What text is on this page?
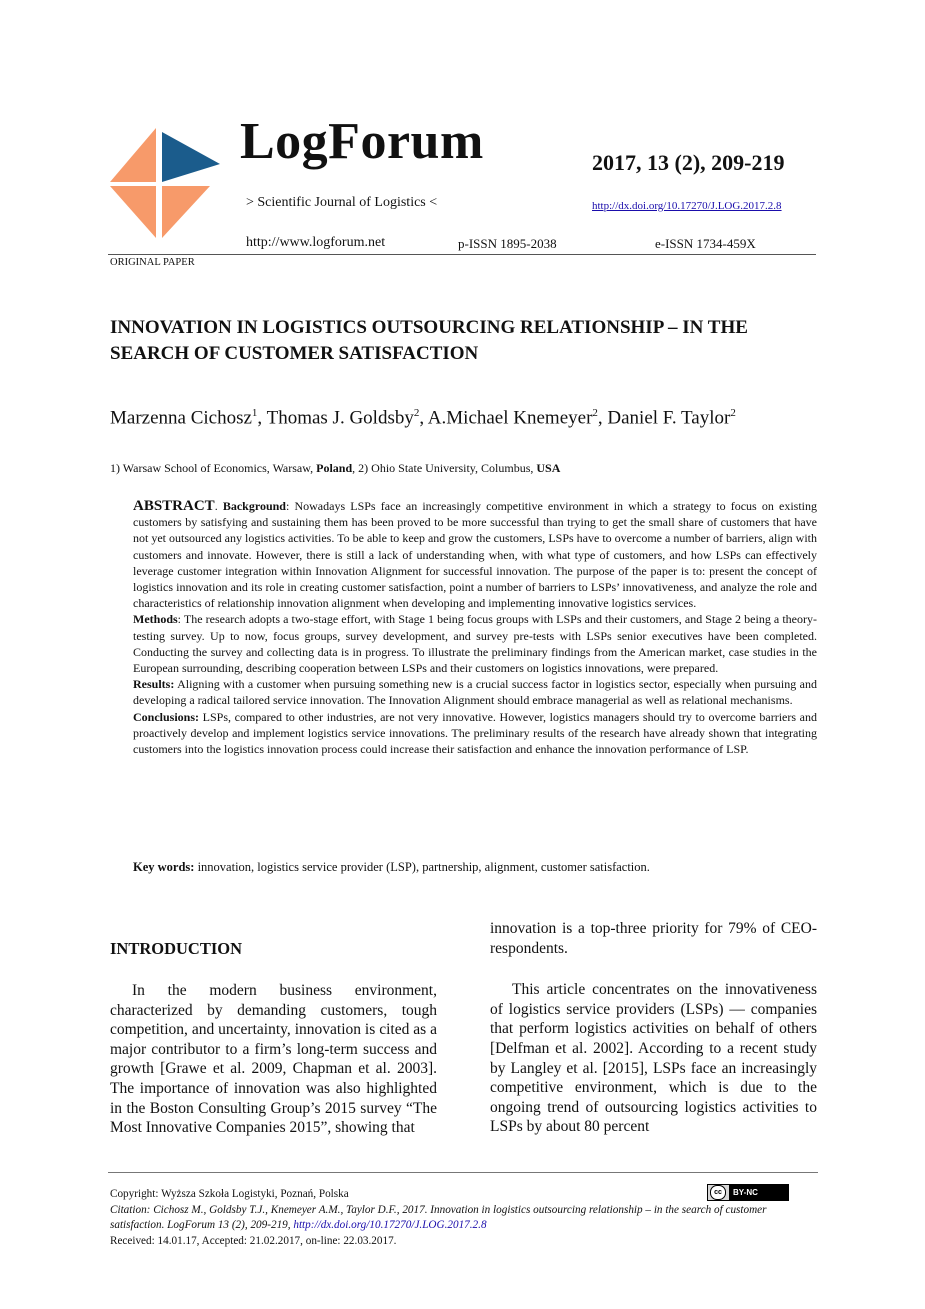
LogForum
> Scientific Journal of Logistics <
2017, 13 (2), 209-219
http://dx.doi.org/10.17270/J.LOG.2017.2.8
http://www.logforum.net	p-ISSN 1895-2038	e-ISSN 1734-459X
ORIGINAL PAPER
INNOVATION IN LOGISTICS OUTSOURCING RELATIONSHIP – IN THE SEARCH OF CUSTOMER SATISFACTION
Marzenna Cichosz$^1$, Thomas J. Goldsby$^2$, A.Michael Knemeyer$^2$, Daniel F. Taylor$^2$
1) Warsaw School of Economics, Warsaw, Poland, 2) Ohio State University, Columbus, USA

ABSTRACT. Background: Nowadays LSPs face an increasingly competitive environment in which a strategy to focus on existing customers by satisfying and sustaining them has been proved to be more successful than trying to get the small share of customers that have not yet outsourced any logistics activities. To be able to keep and grow the customers, LSPs have to overcome a number of barriers, align with customers and innovate. However, there is still a lack of understanding when, with what type of customers, and how LSPs can effectively leverage customer integration within Innovation Alignment for successful innovation. The purpose of the paper is to: present the concept of logistics innovation and its role in creating customer satisfaction, point a number of barriers to LSPs’ innovativeness, and analyze the role and characteristics of relationship innovation alignment when developing and implementing innovative logistics services.

Methods: The research adopts a two-stage effort, with Stage 1 being focus groups with LSPs and their customers, and Stage 2 being a theory-testing survey. Up to now, focus groups, survey development, and survey pre-tests with LSPs senior executives have been completed. Conducting the survey and collecting data is in progress. To illustrate the preliminary findings from the American market, case studies in the European surrounding, describing cooperation between LSPs and their customers on logistics innovations, were prepared.

Results: Aligning with a customer when pursuing something new is a crucial success factor in logistics sector, especially when pursuing and developing a radical tailored service innovation. The Innovation Alignment should embrace managerial as well as relational mechanisms.

Conclusions: LSPs, compared to other industries, are not very innovative. However, logistics managers should try to overcome barriers and proactively develop and implement logistics service innovations. The preliminary results of the research have already shown that integrating customers into the logistics innovation process could increase their satisfaction and enhance the innovation performance of LSP.

Key words: innovation, logistics service provider (LSP), partnership, alignment, customer satisfaction.
INTRODUCTION

In the modern business environment, characterized by demanding customers, tough competition, and uncertainty, innovation is cited as a major contributor to a firm’s long-term success and growth [Grawe et al. 2009, Chapman et al. 2003]. The importance of innovation was also highlighted in the Boston Consulting Group’s 2015 survey “The Most Innovative Companies 2015”, showing that

innovation is a top-three priority for 79% of CEO-respondents.

This article concentrates on the innovativeness of logistics service providers (LSPs) — companies that perform logistics activities on behalf of others [Delfman et al. 2002]. According to a recent study by Langley et al. [2015], LSPs face an increasingly competitive environment, which is due to the ongoing trend of outsourcing logistics activities to LSPs by about 80 percent

cc	BY-NC

Copyright: Wyższa Szkoła Logistyki, Poznań, Polska

Citation: Cichosz M., Goldsby T.J., Knemeyer A.M., Taylor D.F., 2017. Innovation in logistics outsourcing relationship – in the search of customer satisfaction. LogForum 13 (2), 209-219, http://dx.doi.org/10.17270/J.LOG.2017.2.8

Received: 14.01.17, Accepted: 21.02.2017, on-line: 22.03.2017.
